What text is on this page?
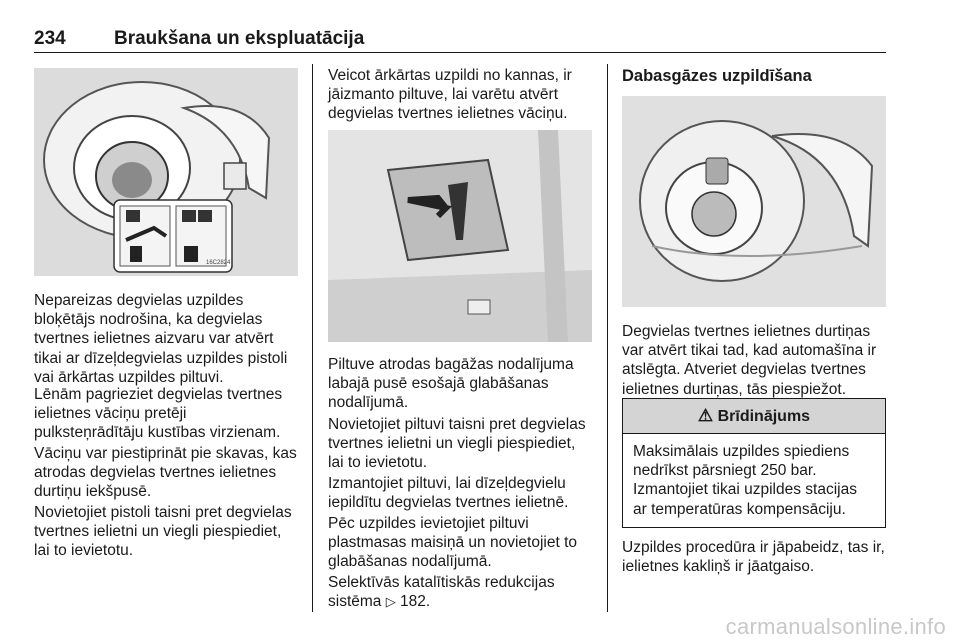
234	Braukšana un ekspluatācija
16C2824

Nepareizas degvielas uzpildes bloķētājs nodrošina, ka degvielas tvertnes ielietnes aizvaru var atvērt tikai ar dīzeļdegvielas uzpildes pistoli vai ārkārtas uzpildes piltuvi.

Lēnām pagrieziet degvielas tvertnes ielietnes vāciņu pretēji pulksteņrādītāju kustības virzienam.

Vāciņu var piestiprināt pie skavas, kas atrodas degvielas tvertnes ielietnes durtiņu iekšpusē.

Novietojiet pistoli taisni pret degvielas tvertnes ielietni un viegli piespiediet, lai to ievietotu.

Veicot ārkārtas uzpildi no kannas, ir jāizmanto piltuve, lai varētu atvērt degvielas tvertnes ielietnes vāciņu.

Piltuve atrodas bagāžas nodalījuma labajā pusē esošajā glabāšanas nodalījumā.

Novietojiet piltuvi taisni pret degvielas tvertnes ielietni un viegli piespiediet, lai to ievietotu.

Izmantojiet piltuvi, lai dīzeļdegvielu iepildītu degvielas tvertnes ielietnē.

Pēc uzpildes ievietojiet piltuvi plastmasas maisiņā un novietojiet to glabāšanas nodalījumā.

Selektīvās katalītiskās redukcijas sistēma ▷ 182.

Dabasgāzes uzpildīšana

Degvielas tvertnes ielietnes durtiņas var atvērt tikai tad, kad automašīna ir atslēgta. Atveriet degvielas tvertnes ielietnes durtiņas, tās piespiežot.

⚠ Brīdinājums
Maksimālais uzpildes spiediens nedrīkst pārsniegt 250 bar.
Izmantojiet tikai uzpildes stacijas ar temperatūras kompensāciju.

Uzpildes procedūra ir jāpabeidz, tas ir, ielietnes kakliņš ir jāatgaiso.

carmanualsonline.info
